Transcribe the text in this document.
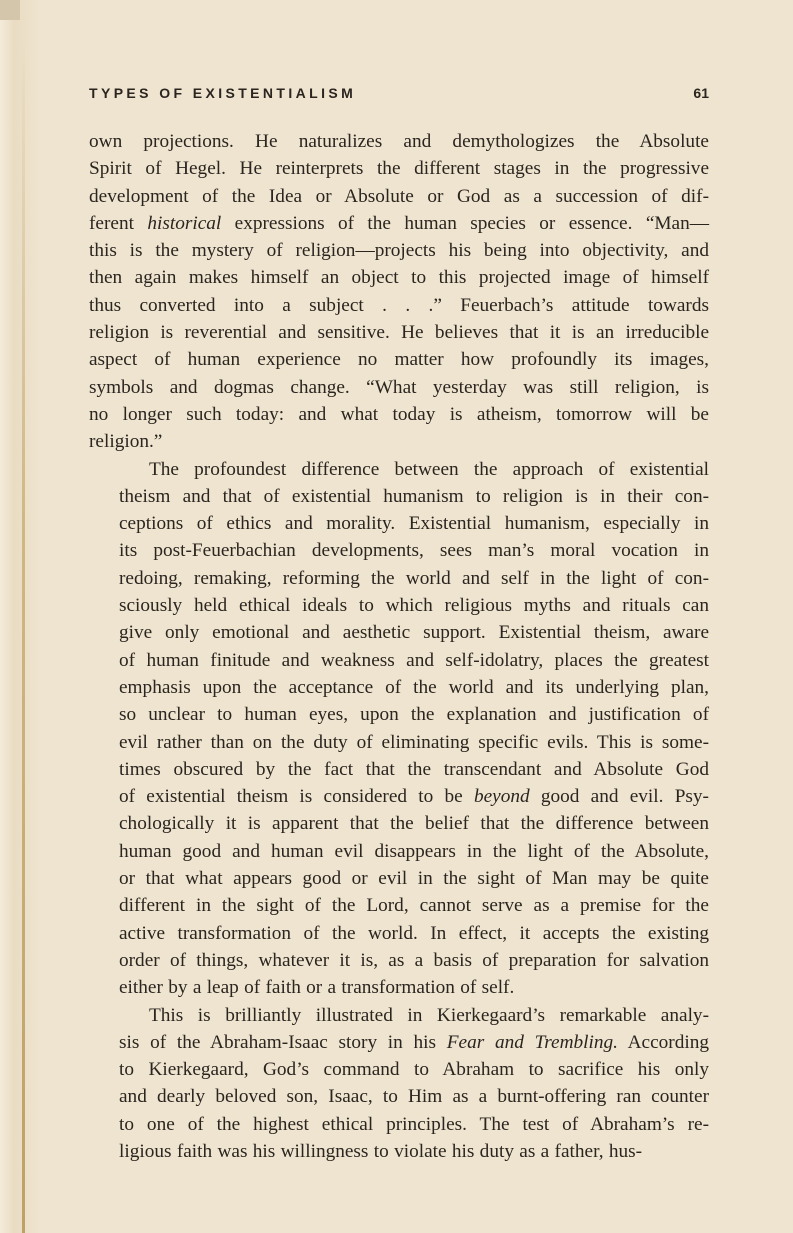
TYPES OF EXISTENTIALISM	61

own projections. He naturalizes and demythologizes the Absolute
Spirit of Hegel. He reinterprets the different stages in the progressive
development of the Idea or Absolute or God as a succession of dif-
ferent historical expressions of the human species or essence. “Man—
this is the mystery of religion—projects his being into objectivity, and
then again makes himself an object to this projected image of himself
thus converted into a subject . . .” Feuerbach’s attitude towards
religion is reverential and sensitive. He believes that it is an irreducible
aspect of human experience no matter how profoundly its images,
symbols and dogmas change. “What yesterday was still religion, is
no longer such today: and what today is atheism, tomorrow will be
religion.”

The profoundest difference between the approach of existential
theism and that of existential humanism to religion is in their con-
ceptions of ethics and morality. Existential humanism, especially in
its post-Feuerbachian developments, sees man’s moral vocation in
redoing, remaking, reforming the world and self in the light of con-
sciously held ethical ideals to which religious myths and rituals can
give only emotional and aesthetic support. Existential theism, aware
of human finitude and weakness and self-idolatry, places the greatest
emphasis upon the acceptance of the world and its underlying plan,
so unclear to human eyes, upon the explanation and justification of
evil rather than on the duty of eliminating specific evils. This is some-
times obscured by the fact that the transcendant and Absolute God
of existential theism is considered to be beyond good and evil. Psy-
chologically it is apparent that the belief that the difference between
human good and human evil disappears in the light of the Absolute,
or that what appears good or evil in the sight of Man may be quite
different in the sight of the Lord, cannot serve as a premise for the
active transformation of the world. In effect, it accepts the existing
order of things, whatever it is, as a basis of preparation for salvation
either by a leap of faith or a transformation of self.

This is brilliantly illustrated in Kierkegaard’s remarkable analy-
sis of the Abraham-Isaac story in his Fear and Trembling. According
to Kierkegaard, God’s command to Abraham to sacrifice his only
and dearly beloved son, Isaac, to Him as a burnt-offering ran counter
to one of the highest ethical principles. The test of Abraham’s re-
ligious faith was his willingness to violate his duty as a father, hus-
